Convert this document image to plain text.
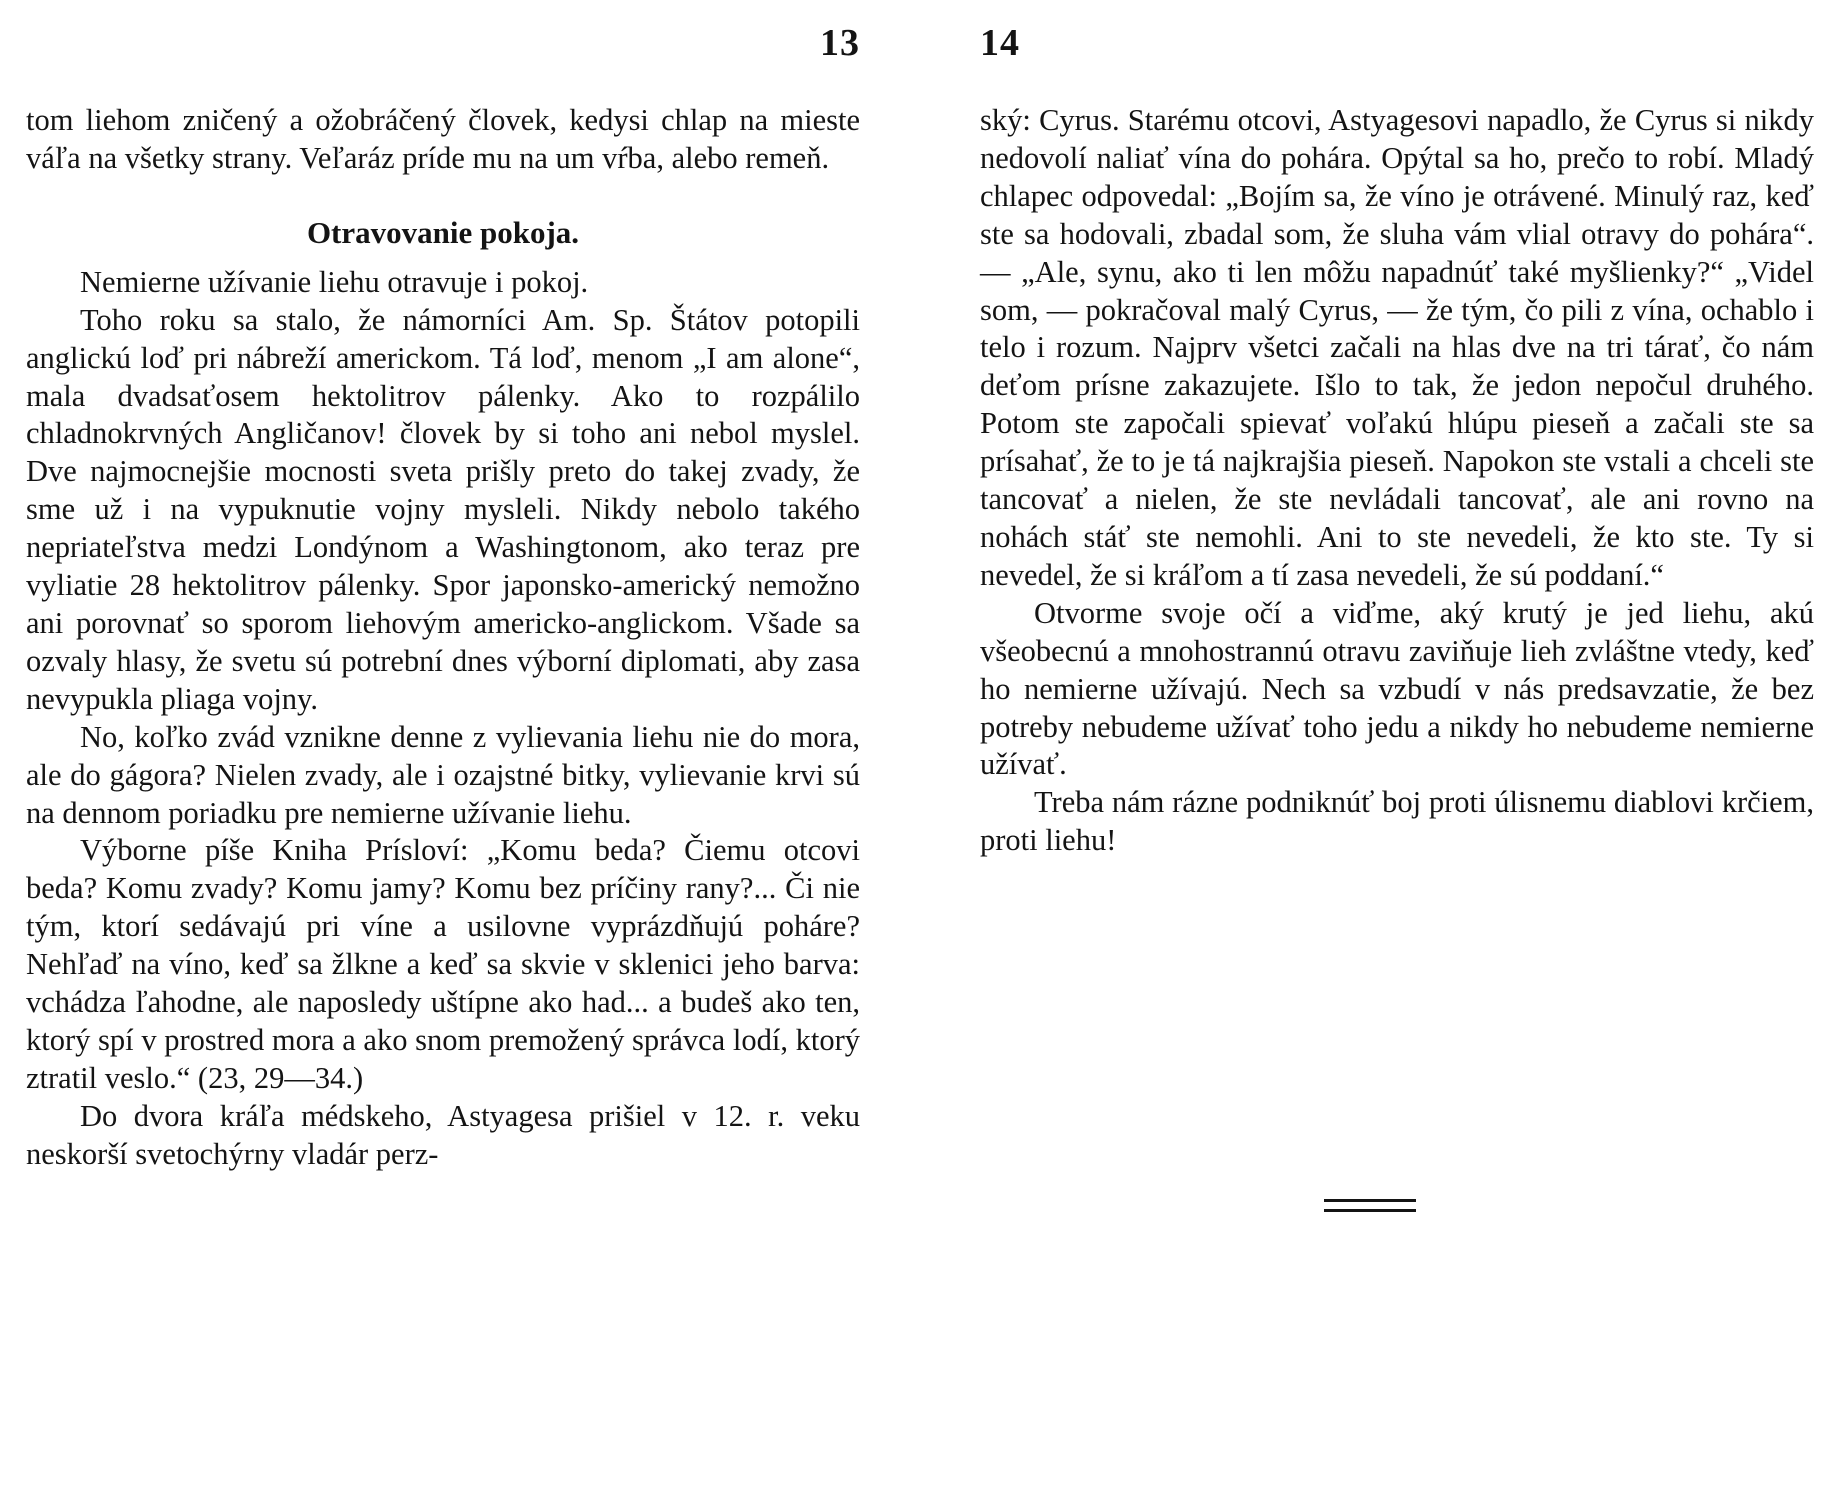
13

tom liehom zničený a ožobráčený človek, kedysi chlap na mieste váľa na všetky strany. Veľaráz príde mu na um vŕba, alebo remeň.

Otravovanie pokoja.

Nemierne užívanie liehu otravuje i pokoj.

Toho roku sa stalo, že námorníci Am. Sp. Štátov potopili anglickú loď pri nábreží americkom. Tá loď, menom „I am alone“, mala dvadsaťosem hektolitrov pálenky. Ako to rozpálilo chladnokrvných Angličanov! človek by si toho ani nebol myslel. Dve najmocnejšie mocnosti sveta prišly preto do takej zvady, že sme už i na vypuknutie vojny mysleli. Nikdy nebolo takého nepriateľstva medzi Londýnom a Washingtonom, ako teraz pre vyliatie 28 hektolitrov pálenky. Spor japonsko-americký nemožno ani porovnať so sporom liehovým americko-anglickom. Všade sa ozvaly hlasy, že svetu sú potrební dnes výborní diplomati, aby zasa nevypukla pliaga vojny.

No, koľko zvád vznikne denne z vylievania liehu nie do mora, ale do gágora? Nielen zvady, ale i ozajstné bitky, vylievanie krvi sú na dennom poriadku pre nemierne užívanie liehu.

Výborne píše Kniha Prísloví: „Komu beda? Čiemu otcovi beda? Komu zvady? Komu jamy? Komu bez príčiny rany?... Či nie tým, ktorí sedávajú pri víne a usilovne vyprázdňujú poháre? Nehľaď na víno, keď sa žlkne a keď sa skvie v sklenici jeho barva: vchádza ľahodne, ale naposledy uštípne ako had... a budeš ako ten, ktorý spí v prostred mora a ako snom premožený správca lodí, ktorý ztratil veslo.“ (23, 29—34.)

Do dvora kráľa médskeho, Astyagesa prišiel v 12. r. veku neskorší svetochýrny vladár perz-

14

ský: Cyrus. Starému otcovi, Astyagesovi napadlo, že Cyrus si nikdy nedovolí naliať vína do pohára. Opýtal sa ho, prečo to robí. Mladý chlapec odpovedal: „Bojím sa, že víno je otrávené. Minulý raz, keď ste sa hodovali, zbadal som, že sluha vám vlial otravy do pohára“. — „Ale, synu, ako ti len môžu napadnúť také myšlienky?“ „Videl som, — pokračoval malý Cyrus, — že tým, čo pili z vína, ochablo i telo i rozum. Najprv všetci začali na hlas dve na tri tárať, čo nám deťom prísne zakazujete. Išlo to tak, že jedon nepočul druhého. Potom ste započali spievať voľakú hlúpu pieseň a začali ste sa prísahať, že to je tá najkrajšia pieseň. Napokon ste vstali a chceli ste tancovať a nielen, že ste nevládali tancovať, ale ani rovno na nohách stáť ste nemohli. Ani to ste nevedeli, že kto ste. Ty si nevedel, že si kráľom a tí zasa nevedeli, že sú poddaní.“

Otvorme svoje očí a viďme, aký krutý je jed liehu, akú všeobecnú a mnohostrannú otravu zaviňuje lieh zvláštne vtedy, keď ho nemierne užívajú. Nech sa vzbudí v nás predsavzatie, že bez potreby nebudeme užívať toho jedu a nikdy ho nebudeme nemierne užívať.

Treba nám rázne podniknúť boj proti úlisnemu diablovi krčiem, proti liehu!
